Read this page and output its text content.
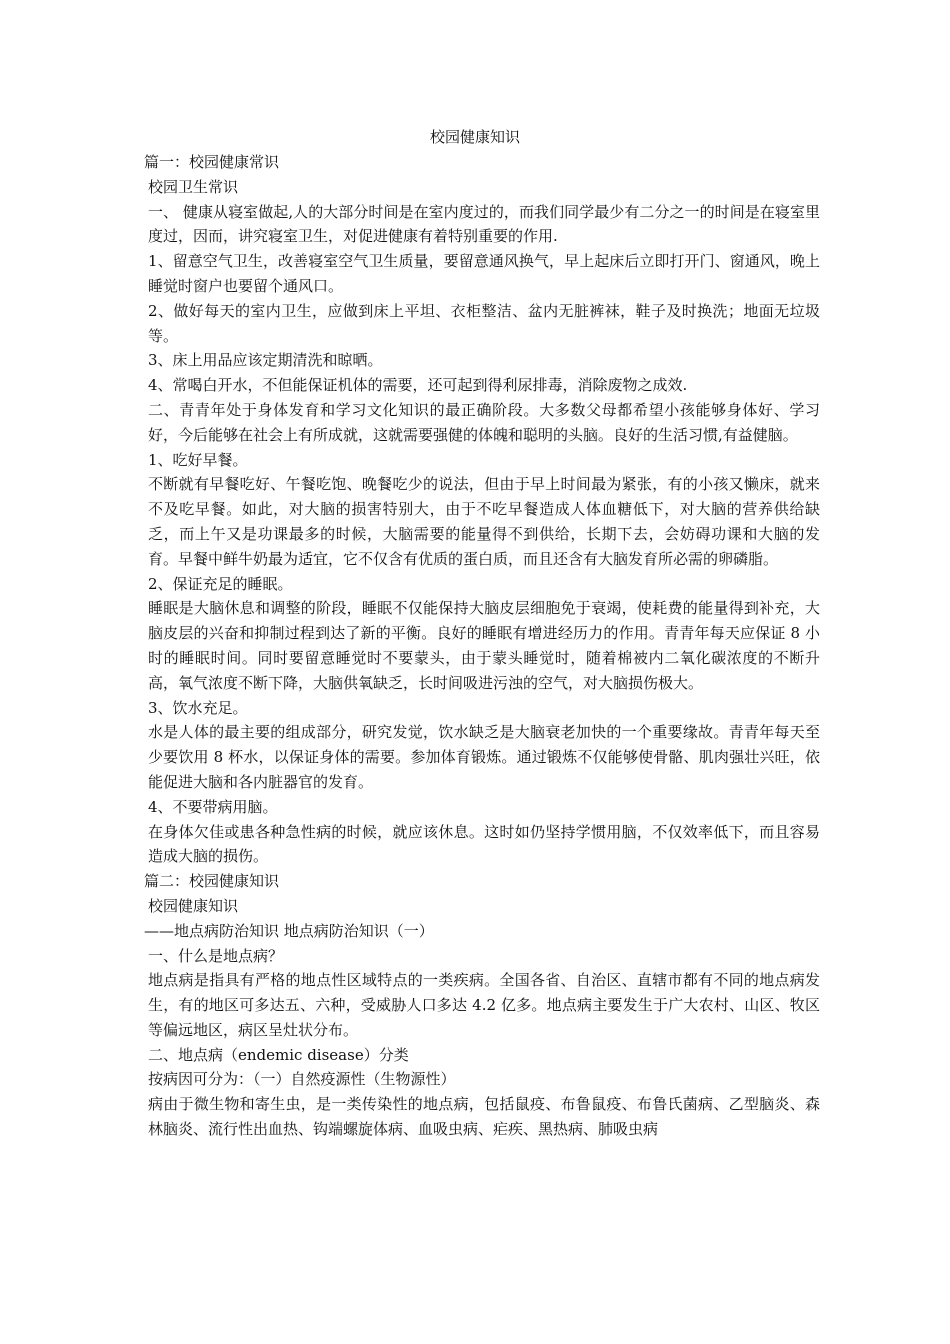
校园健康知识

篇一：校园健康常识

校园卫生常识

一、 健康从寝室做起,人的大部分时间是在室内度过的，而我们同学最少有二分之一的时间是在寝室里度过，因而，讲究寝室卫生，对促进健康有着特别重要的作用.

1、留意空气卫生，改善寝室空气卫生质量，要留意通风换气，早上起床后立即打开门、窗通风，晚上睡觉时窗户也要留个通风口。

2、做好每天的室内卫生，应做到床上平坦、衣柜整洁、盆内无脏裤袜，鞋子及时换洗；地面无垃圾等。

3、床上用品应该定期清洗和晾晒。

4、常喝白开水，不但能保证机体的需要，还可起到得利尿排毒，消除废物之成效.

二、青青年处于身体发育和学习文化知识的最正确阶段。大多数父母都希望小孩能够身体好、学习好，今后能够在社会上有所成就，这就需要强健的体魄和聪明的头脑。良好的生活习惯,有益健脑。

1、吃好早餐。

不断就有早餐吃好、午餐吃饱、晚餐吃少的说法，但由于早上时间最为紧张，有的小孩又懒床，就来不及吃早餐。如此，对大脑的损害特别大，由于不吃早餐造成人体血糖低下，对大脑的营养供给缺乏，而上午又是功课最多的时候，大脑需要的能量得不到供给，长期下去，会妨碍功课和大脑的发育。早餐中鲜牛奶最为适宜，它不仅含有优质的蛋白质，而且还含有大脑发育所必需的卵磷脂。

2、保证充足的睡眠。

睡眠是大脑休息和调整的阶段，睡眠不仅能保持大脑皮层细胞免于衰竭，使耗费的能量得到补充，大脑皮层的兴奋和抑制过程到达了新的平衡。良好的睡眠有增进经历力的作用。青青年每天应保证 8 小时的睡眠时间。同时要留意睡觉时不要蒙头，由于蒙头睡觉时，随着棉被内二氧化碳浓度的不断升高，氧气浓度不断下降，大脑供氧缺乏，长时间吸进污浊的空气，对大脑损伤极大。

3、饮水充足。

水是人体的最主要的组成部分，研究发觉，饮水缺乏是大脑衰老加快的一个重要缘故。青青年每天至少要饮用 8 杯水，以保证身体的需要。参加体育锻炼。通过锻炼不仅能够使骨骼、肌肉强壮兴旺，依能促进大脑和各内脏器官的发育。

4、不要带病用脑。

在身体欠佳或患各种急性病的时候，就应该休息。这时如仍坚持学惯用脑，不仅效率低下，而且容易造成大脑的损伤。

篇二：校园健康知识

校园健康知识

——地点病防治知识 地点病防治知识（一）

一、什么是地点病？

地点病是指具有严格的地点性区域特点的一类疾病。全国各省、自治区、直辖市都有不同的地点病发生，有的地区可多达五、六种，受威胁人口多达 4.2 亿多。地点病主要发生于广大农村、山区、牧区等偏远地区，病区呈灶状分布。

二、地点病（endemic disease）分类

按病因可分为：（一）自然疫源性（生物源性）

病由于微生物和寄生虫，是一类传染性的地点病，包括鼠疫、布鲁鼠疫、布鲁氏菌病、乙型脑炎、森林脑炎、流行性出血热、钩端螺旋体病、血吸虫病、疟疾、黑热病、肺吸虫病
